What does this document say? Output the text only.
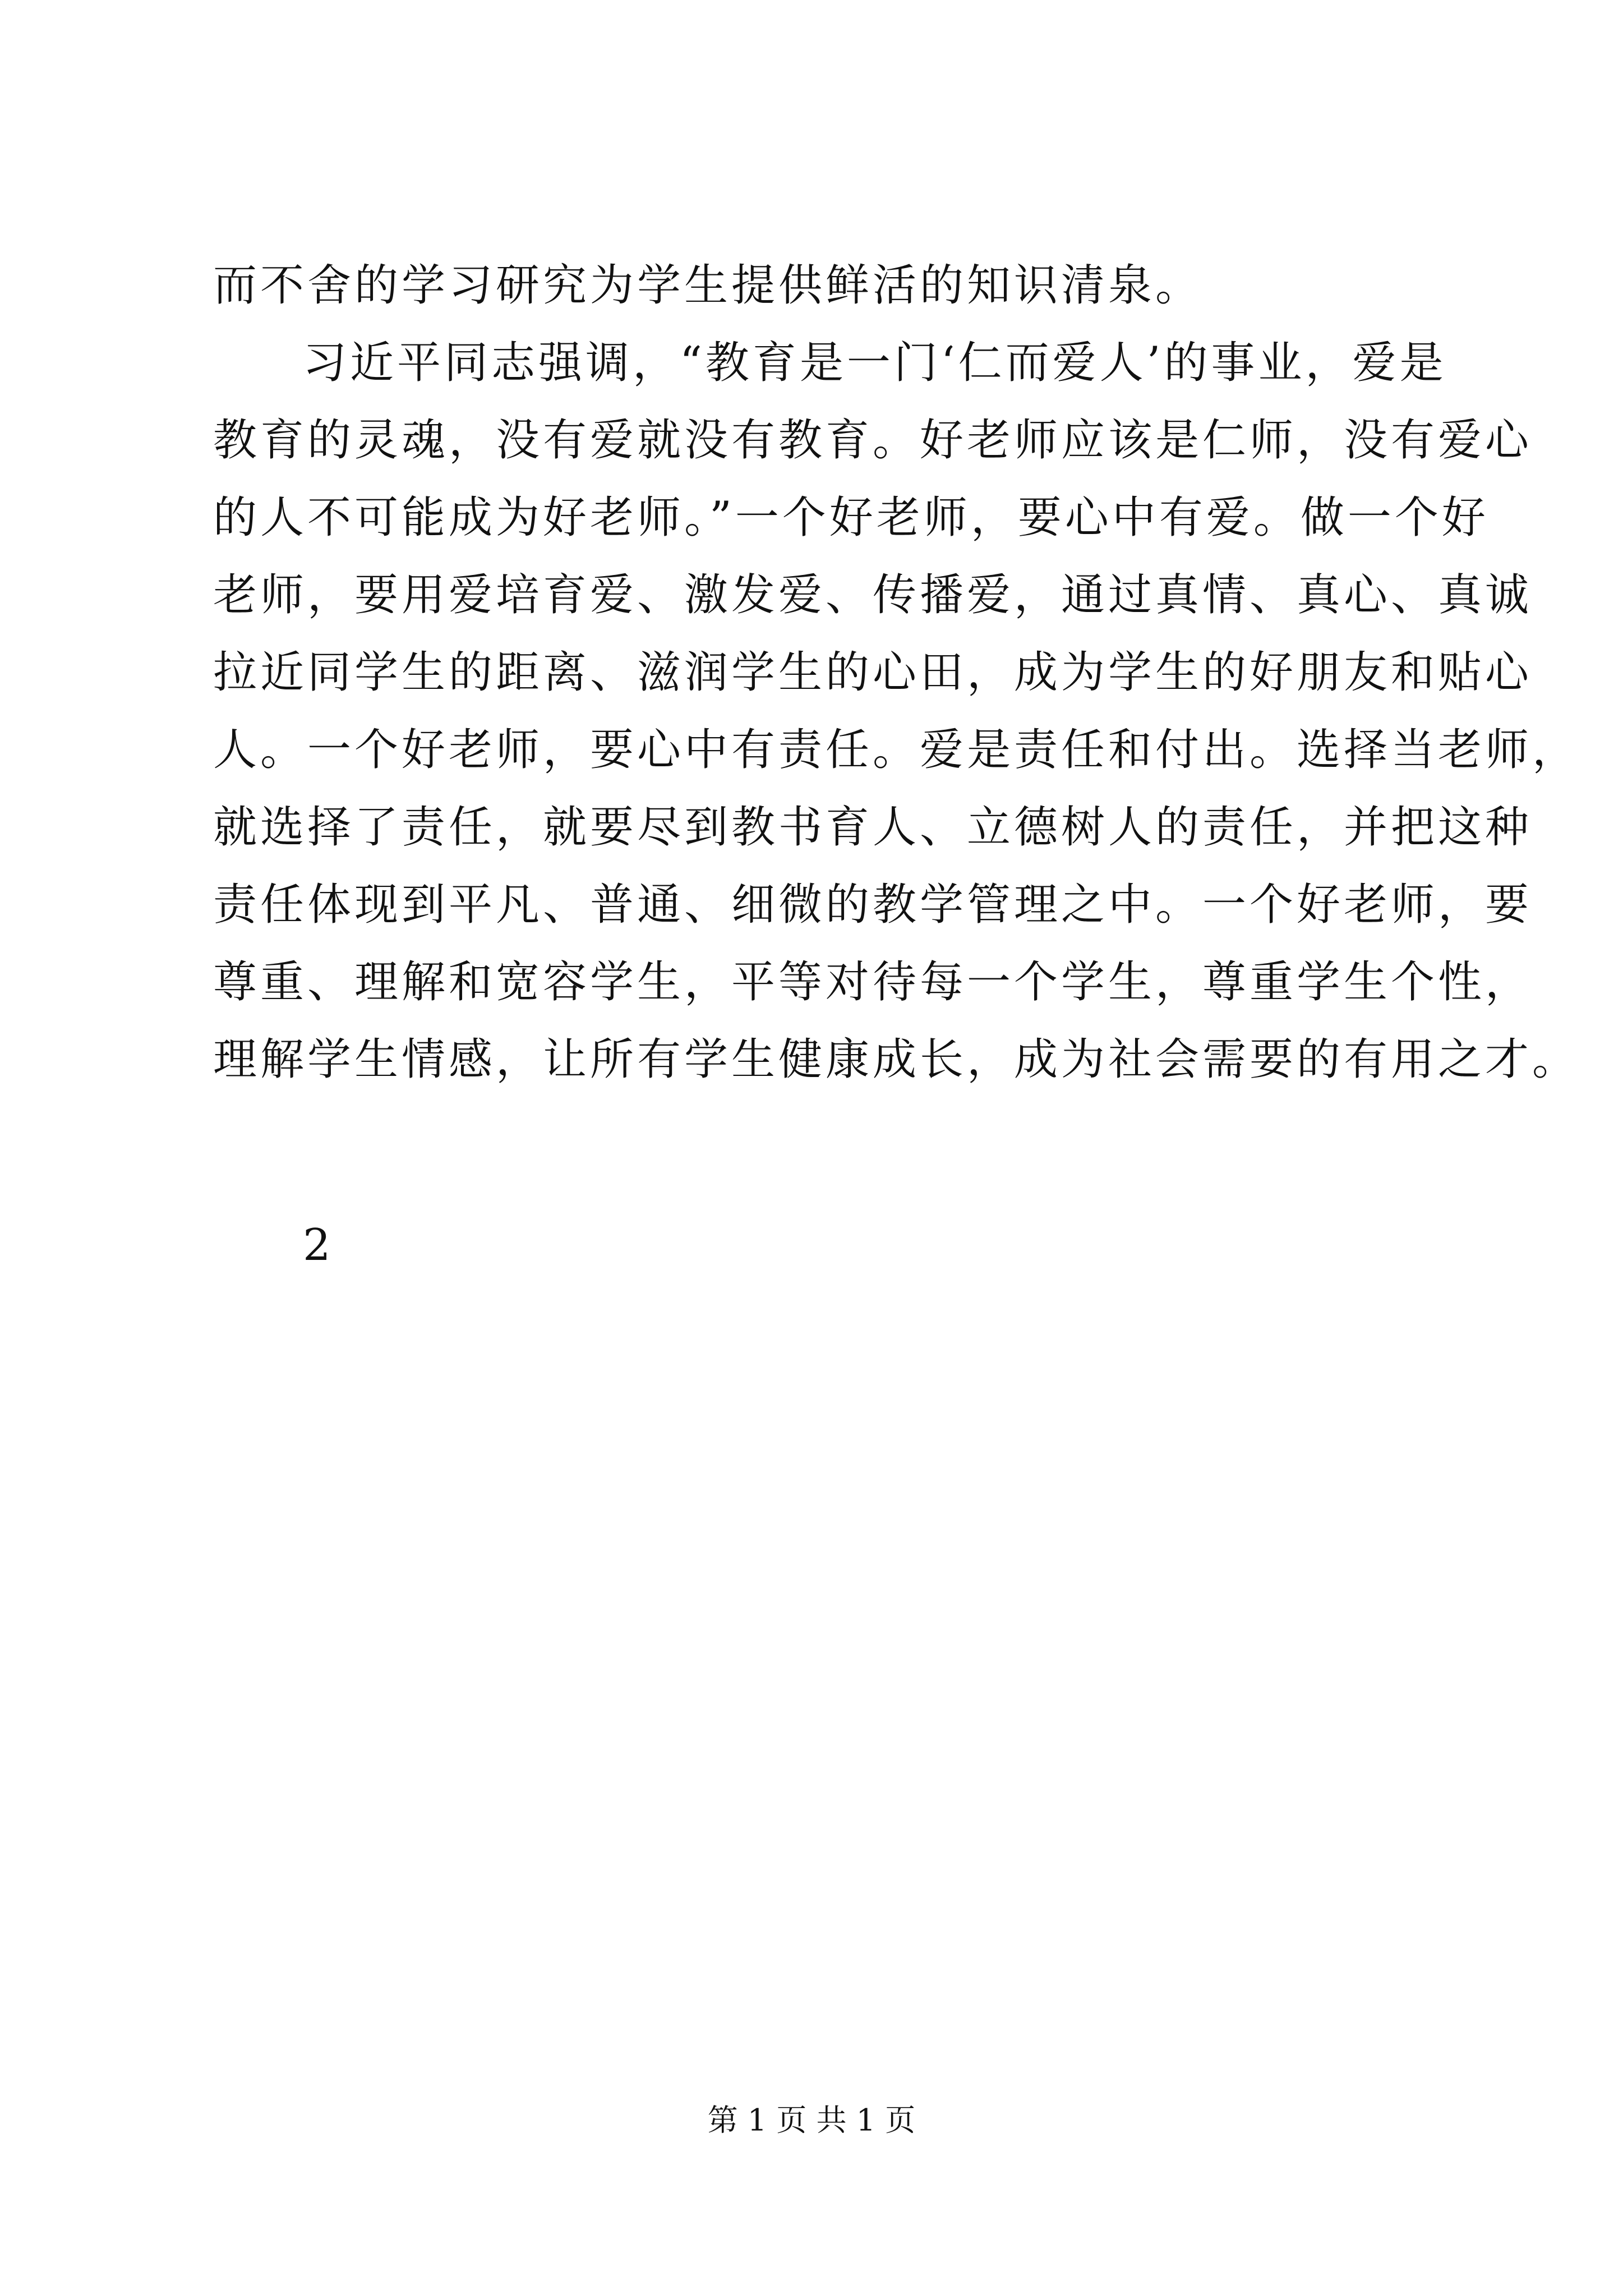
而不舍的学习研究为学生提供鲜活的知识清泉。
习近平同志强调，“教育是一门‘仁而爱人’的事业，爱是
教育的灵魂，没有爱就没有教育。好老师应该是仁师，没有爱心
的人不可能成为好老师。”一个好老师，要心中有爱。做一个好
老师，要用爱培育爱、激发爱、传播爱，通过真情、真心、真诚
拉近同学生的距离、滋润学生的心田，成为学生的好朋友和贴心
人。一个好老师，要心中有责任。爱是责任和付出。选择当老师，
就选择了责任，就要尽到教书育人、立德树人的责任，并把这种
责任体现到平凡、普通、细微的教学管理之中。一个好老师，要
尊重、理解和宽容学生，平等对待每一个学生，尊重学生个性，
理解学生情感，让所有学生健康成长，成为社会需要的有用之才。
2
第 1 页 共 1 页
